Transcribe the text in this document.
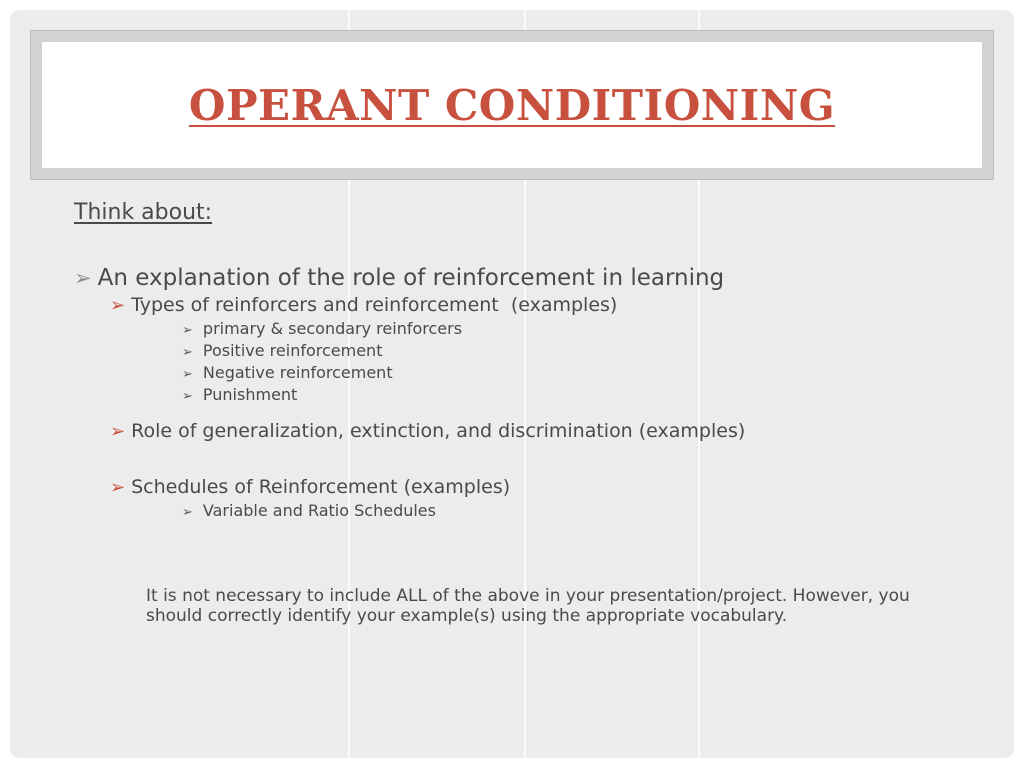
OPERANT CONDITIONING
Think about:
➢ An explanation of the role of reinforcement in learning
➢ Types of reinforcers and reinforcement  (examples)
➢ primary & secondary reinforcers
➢ Positive reinforcement
➢ Negative reinforcement
➢ Punishment
➢ Role of generalization, extinction, and discrimination (examples)
➢ Schedules of Reinforcement (examples)
➢ Variable and Ratio Schedules
It is not necessary to include ALL of the above in your presentation/project. However, you should correctly identify your example(s) using the appropriate vocabulary.
